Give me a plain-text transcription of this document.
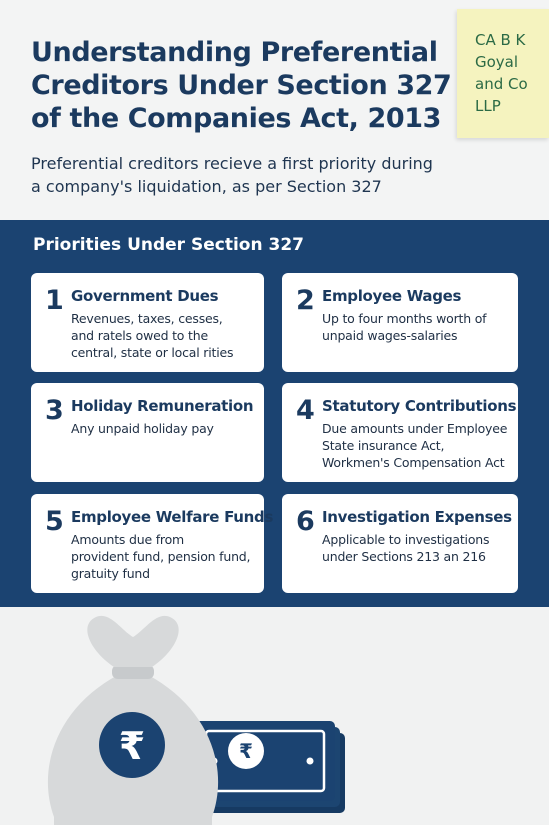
Understanding Preferential
Creditors Under Section 327
of the Companies Act, 2013
Preferential creditors recieve a first priority during
a company's liquidation, as per Section 327
CA B K
Goyal
and Co
LLP
Priorities Under Section 327
1 Government Dues
Revenues, taxes, cesses,
and ratels owed to the
central, state or local rities
2 Employee Wages
Up to four months worth of
unpaid wages-salaries
3 Holiday Remuneration
Any unpaid holiday pay
4 Statutory Contributions
Due amounts under Employee
State insurance Act,
Workmen's Compensation Act
5 Employee Welfare Funds
Amounts due from
provident fund, pension fund,
gratuity fund
6 Investigation Expenses
Applicable to investigations
under Sections 213 an 216
₹
₹
